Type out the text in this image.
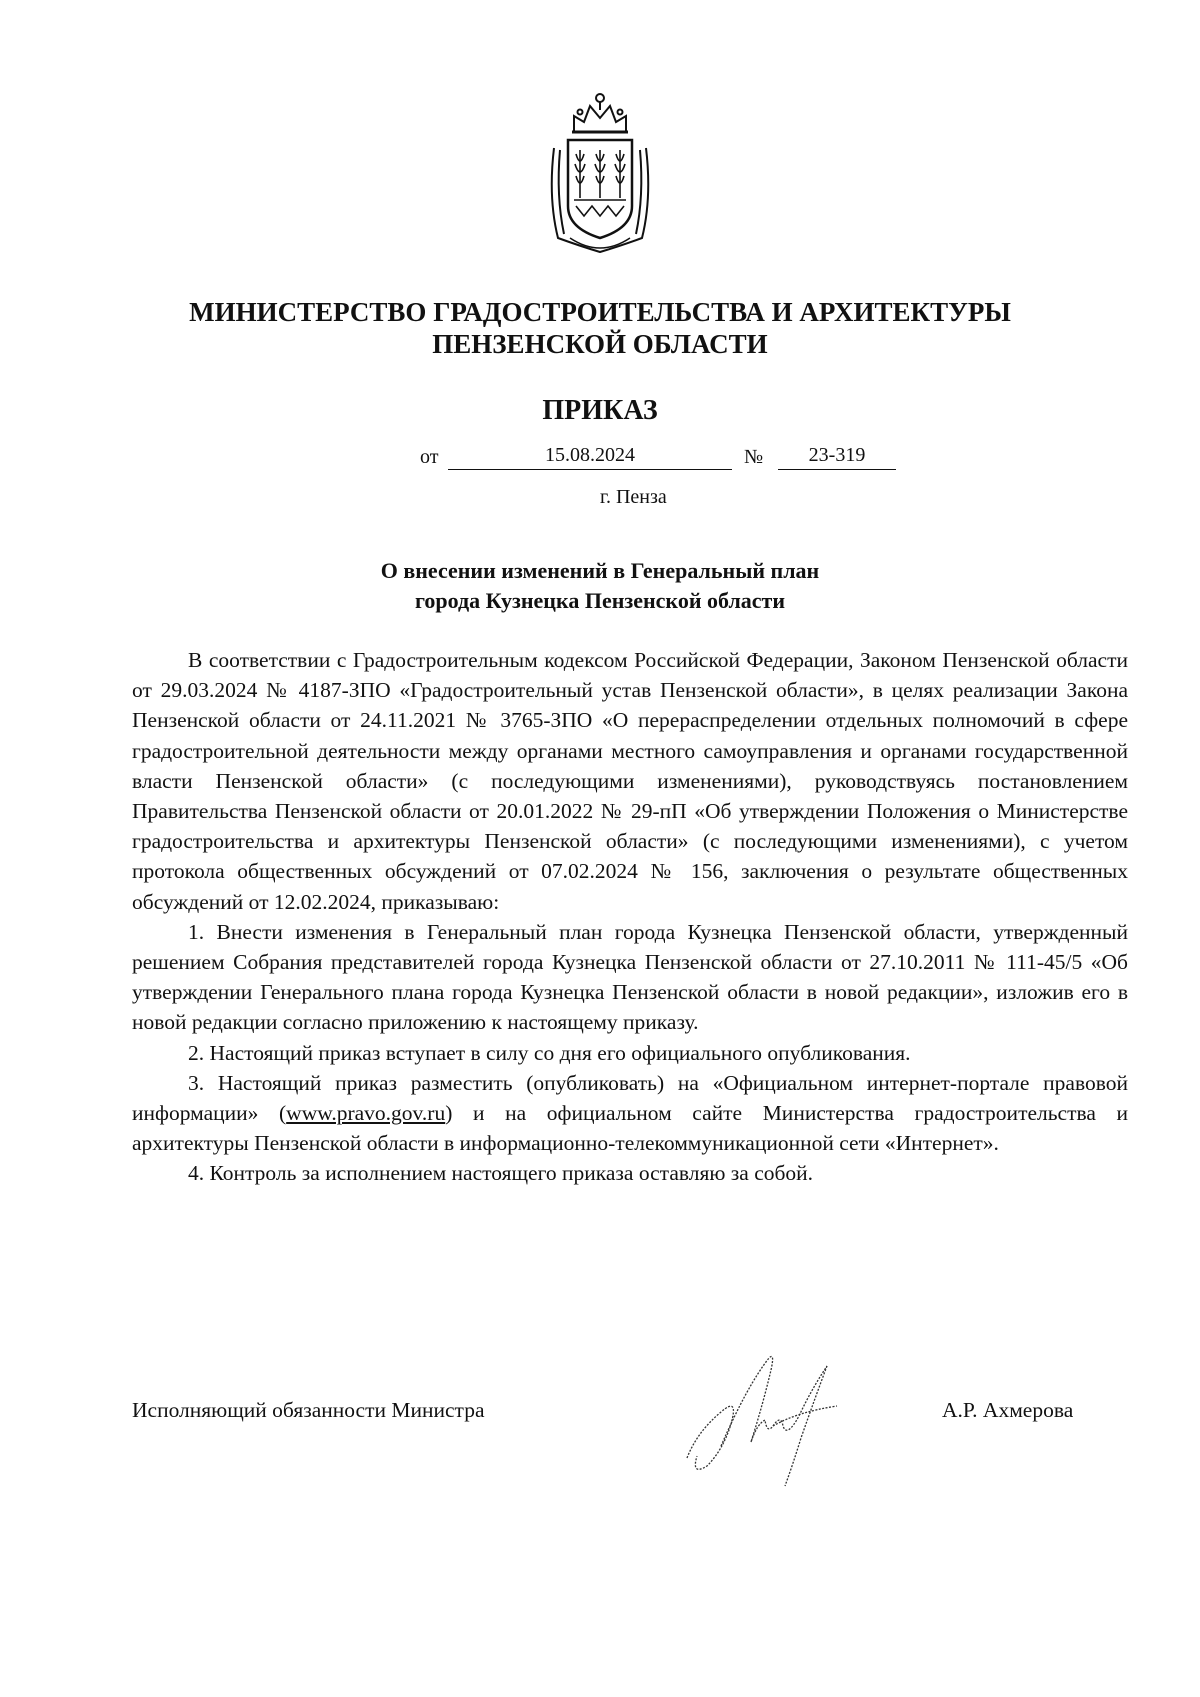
МИНИСТЕРСТВО ГРАДОСТРОИТЕЛЬСТВА И АРХИТЕКТУРЫ
ПЕНЗЕНСКОЙ ОБЛАСТИ
ПРИКАЗ
от	15.08.2024	№	23-319
г. Пенза
О внесении изменений в Генеральный план
города Кузнецка Пензенской области

В соответствии с Градостроительным кодексом Российской Федерации, Законом Пензенской области от 29.03.2024 № 4187-ЗПО «Градостроительный устав Пензенской области», в целях реализации Закона Пензенской области от 24.11.2021 № 3765-ЗПО «О перераспределении отдельных полномочий в сфере градостроительной деятельности между органами местного самоуправления и органами государственной власти Пензенской области» (с последующими изменениями), руководствуясь постановлением Правительства Пензенской области от 20.01.2022 № 29-пП «Об утверждении Положения о Министерстве градостроительства и архитектуры Пензенской области» (с последующими изменениями), с учетом протокола общественных обсуждений от 07.02.2024 № 156, заключения о результате общественных обсуждений от 12.02.2024, приказываю:

1. Внести изменения в Генеральный план города Кузнецка Пензенской области, утвержденный решением Собрания представителей города Кузнецка Пензенской области от 27.10.2011 № 111-45/5 «Об утверждении Генерального плана города Кузнецка Пензенской области в новой редакции», изложив его в новой редакции согласно приложению к настоящему приказу.

2. Настоящий приказ вступает в силу со дня его официального опубликования.

3. Настоящий приказ разместить (опубликовать) на «Официальном интернет-портале правовой информации» (www.pravo.gov.ru) и на официальном сайте Министерства градостроительства и архитектуры Пензенской области в информационно-телекоммуникационной сети «Интернет».

4. Контроль за исполнением настоящего приказа оставляю за собой.

Исполняющий обязанности Министра	А.Р. Ахмерова
